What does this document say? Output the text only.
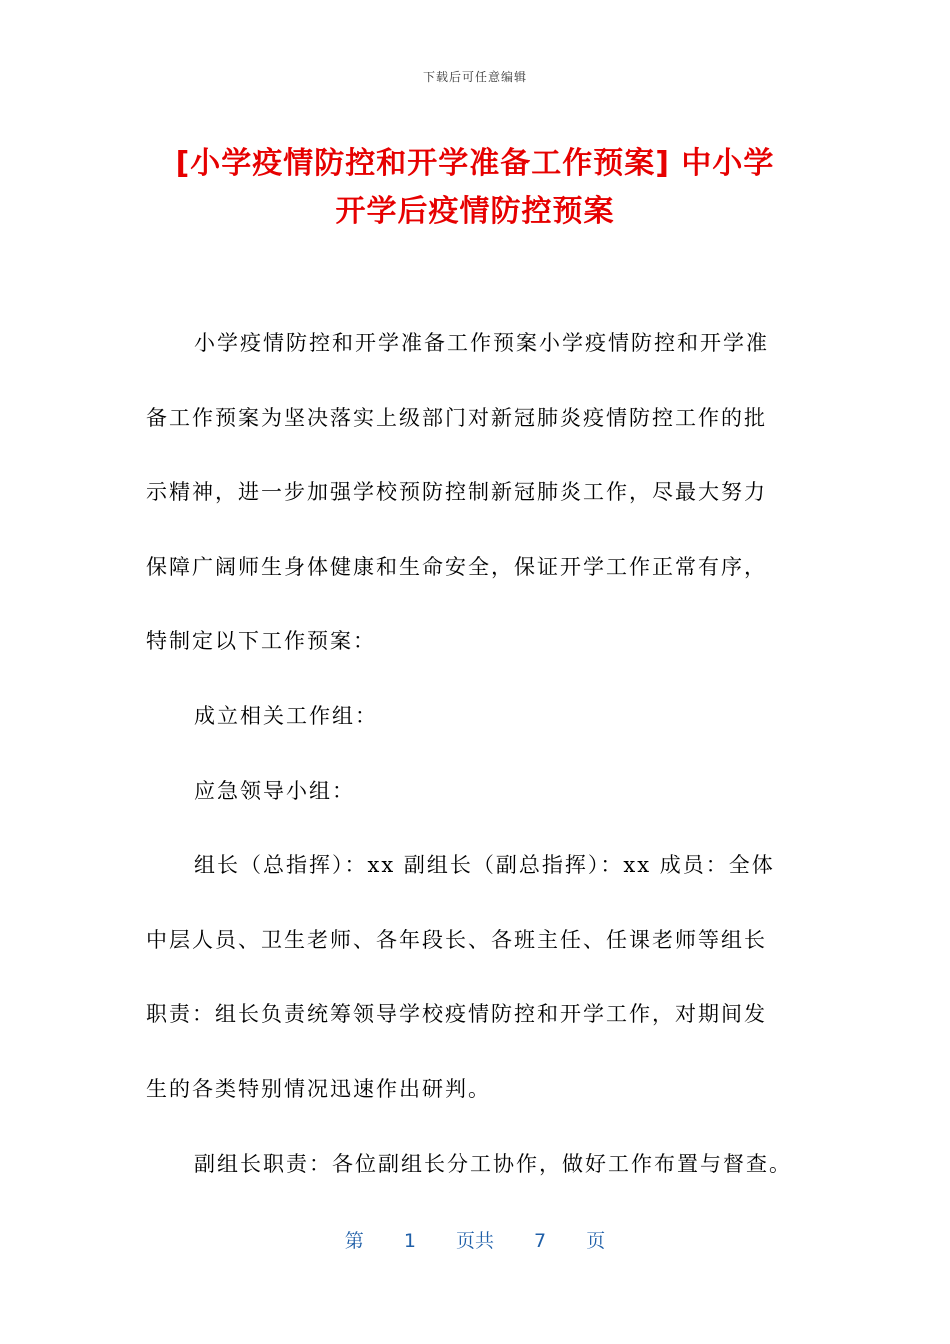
下载后可任意编辑
[小学疫情防控和开学准备工作预案] 中小学
开学后疫情防控预案
小学疫情防控和开学准备工作预案小学疫情防控和开学准
备工作预案为坚决落实上级部门对新冠肺炎疫情防控工作的批
示精神，进一步加强学校预防控制新冠肺炎工作，尽最大努力
保障广阔师生身体健康和生命安全，保证开学工作正常有序，
特制定以下工作预案：
成立相关工作组：
应急领导小组：
组长（总指挥）：xx 副组长（副总指挥）：xx 成员：全体
中层人员、卫生老师、各年段长、各班主任、任课老师等组长
职责：组长负责统筹领导学校疫情防控和开学工作，对期间发
生的各类特别情况迅速作出研判。
副组长职责：各位副组长分工协作，做好工作布置与督查。
第 1 页共 7 页
